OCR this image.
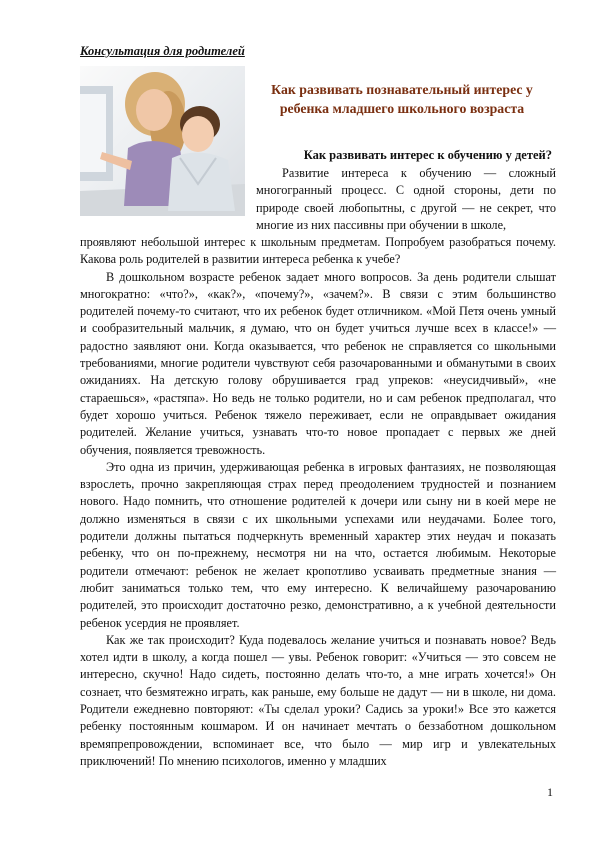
Консультация для родителей
Как развивать познавательный интерес у ребенка младшего школьного возраста
Как развивать интерес к обучению у детей?

Развитие интереса к обучению — сложный многогранный процесс. С одной стороны, дети по природе своей любопытны, с другой — не секрет, что многие из них пассивны при обучении в школе,

проявляют небольшой интерес к школьным предметам. Попробуем разобраться почему. Какова роль родителей в развитии интереса ребенка к учебе?

В дошкольном возрасте ребенок задает много вопросов. За день родители слышат многократно: «что?», «как?», «почему?», «зачем?». В связи с этим большинство родителей почему-то считают, что их ребенок будет отличником. «Мой Петя очень умный и сообразительный мальчик, я думаю, что он будет учиться лучше всех в классе!» — радостно заявляют они. Когда оказывается, что ребенок не справляется со школьными требованиями, многие родители чувствуют себя разочарованными и обманутыми в своих ожиданиях. На детскую голову обрушивается град упреков: «неусидчивый», «не стараешься», «растяпа». Но ведь не только родители, но и сам ребенок предполагал, что будет хорошо учиться. Ребенок тяжело переживает, если не оправдывает ожидания родителей. Желание учиться, узнавать что-то новое пропадает с первых же дней обучения, появляется тревожность.

Это одна из причин, удерживающая ребенка в игровых фантазиях, не позволяющая взрослеть, прочно закрепляющая страх перед преодолением трудностей и познанием нового. Надо помнить, что отношение родителей к дочери или сыну ни в коей мере не должно изменяться в связи с их школьными успехами или неудачами. Более того, родители должны пытаться подчеркнуть временный характер этих неудач и показать ребенку, что он по-прежнему, несмотря ни на что, остается любимым. Некоторые родители отмечают: ребенок не желает кропотливо усваивать предметные знания — любит заниматься только тем, что ему интересно. К величайшему разочарованию родителей, это происходит достаточно резко, демонстративно, а к учебной деятельности ребенок усердия не проявляет.

Как же так происходит? Куда подевалось желание учиться и познавать новое? Ведь хотел идти в школу, а когда пошел — увы. Ребенок говорит: «Учиться — это совсем не интересно, скучно! Надо сидеть, постоянно делать что-то, а мне играть хочется!» Он сознает, что безмятежно играть, как раньше, ему больше не дадут — ни в школе, ни дома. Родители ежедневно повторяют: «Ты сделал уроки? Садись за уроки!» Все это кажется ребенку постоянным кошмаром. И он начинает мечтать о беззаботном дошкольном времяпрепровождении, вспоминает все, что было — мир игр и увлекательных приключений! По мнению психологов, именно у младших

1
